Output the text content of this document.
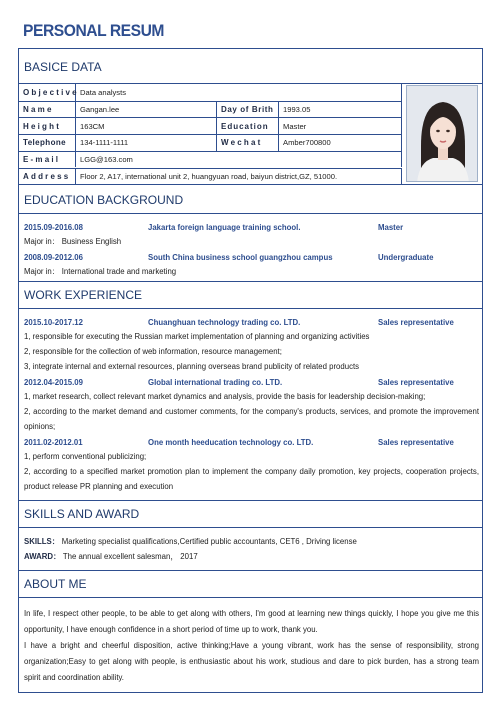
PERSONAL RESUM
BASICE DATA
Objective Data analysts
Name	Gangan.lee	Day of Brith	1993.05
Height	163CM	Education	Master
Telephone	134-1111-1111	Wechat	Amber700800
E-mail	LGG@163.com
Address	Floor 2, A17, international unit 2, huangyuan road, baiyun district,GZ, 51000.
EDUCATION BACKGROUND
2015.09-2016.08	Jakarta foreign language training school.	Master
Major in： Business English
2008.09-2012.06	South China business school guangzhou campus	Undergraduate
Major in： International trade and marketing
WORK EXPERIENCE
2015.10-2017.12	Chuanghuan technology trading co. LTD.	Sales representative
1, responsible for executing the Russian market implementation of planning and organizing activities
2, responsible for the collection of web information, resource management;
3, integrate internal and external resources, planning overseas brand publicity of related products
2012.04-2015.09	Global international trading co. LTD.	Sales representative
1, market research, collect relevant market dynamics and analysis, provide the basis for leadership decision-making;
2, according to the market demand and customer comments, for the company's products, services, and promote the improvement opinions;
2011.02-2012.01	One month heeducation technology co. LTD.	Sales representative
1, perform conventional publicizing;
2, according to a specified market promotion plan to implement the company daily promotion, key projects, cooperation projects, product release PR planning and execution
SKILLS AND AWARD
SKILLS： Marketing specialist qualifications,Certified public accountants, CET6 , Driving license
AWARD： The annual excellent salesman， 2017
ABOUT ME
In life, I respect other people, to be able to get along with others, I'm good at learning new things quickly, I hope you give me this opportunity, I have enough confidence in a short period of time up to work, thank you.
I have a bright and cheerful disposition, active thinking;Have a young vibrant, work has the sense of responsibility, strong organization;Easy to get along with people, is enthusiastic about his work, studious and dare to pick burden, has a strong team spirit and coordination ability.
